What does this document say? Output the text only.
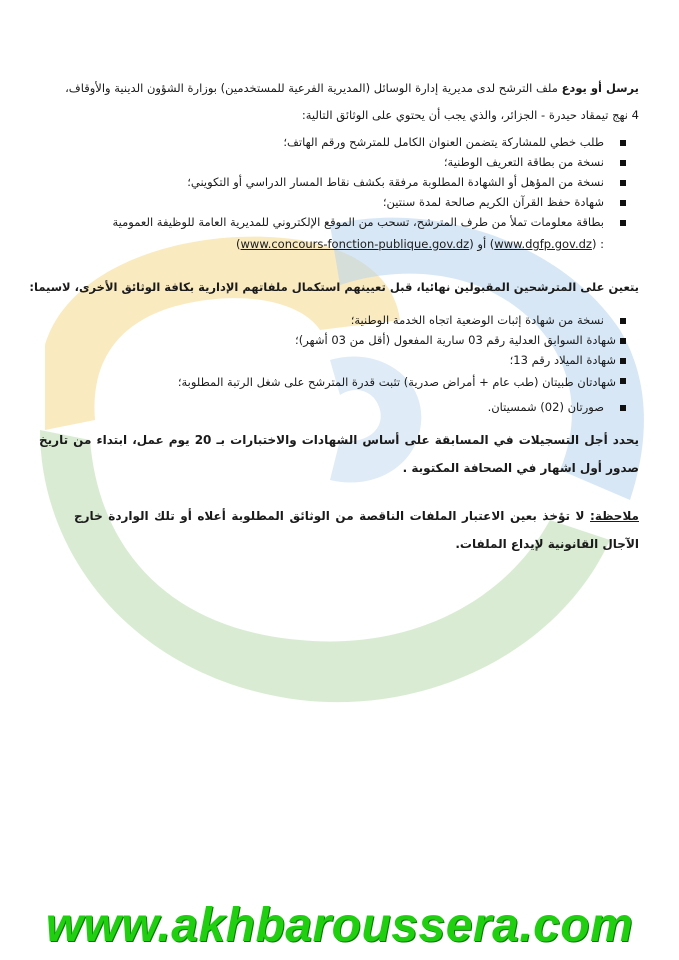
يرسل أو يودع ملف الترشح لدى مديرية إدارة الوسائل (المديرية الفرعية للمستخدمين) بوزارة الشؤون الدينية والأوقاف،
4 نهج تيمقاد حيدرة - الجزائر، والذي يجب أن يحتوي على الوثائق التالية:
طلب خطي للمشاركة يتضمن العنوان الكامل للمترشح ورقم الهاتف؛
نسخة من بطاقة التعريف الوطنية؛
نسخة من المؤهل أو الشهادة المطلوبة مرفقة بكشف نقاط المسار الدراسي أو التكويني؛
شهادة حفظ القرآن الكريم صالحة لمدة سنتين؛
بطاقة معلومات تملأ من طرف المترشح، تسحب من الموقع الإلكتروني للمديرية العامة للوظيفة العمومية
: (www.dgfp.gov.dz) أو (www.concours-fonction-publique.gov.dz)
يتعين على المترشحين المقبولين نهائيا، قبل تعيينهم استكمال ملفاتهم الإدارية بكافة الوثائق الأخرى، لاسيما:
نسخة من شهادة إثبات الوضعية اتجاه الخدمة الوطنية؛
شهادة السوابق العدلية رقم 03 سارية المفعول (أقل من 03 أشهر)؛
شهادة الميلاد رقم 13؛
شهادتان طبيتان (طب عام + أمراض صدرية) تثبت قدرة المترشح على شغل الرتبة المطلوبة؛
صورتان (02) شمسيتان.
يحدد أجل التسجيلات في المسابقة على أساس الشهادات والاختبارات بـ 20 يوم عمل، ابتداء من تاريخ صدور أول اشهار في الصحافة المكتوبة .
ملاحظة: لا تؤخذ بعين الاعتبار الملفات الناقصة من الوثائق المطلوبة أعلاه أو تلك الواردة خارج الآجال القانونية لإيداع الملفات.
www.akhbaroussera.com
